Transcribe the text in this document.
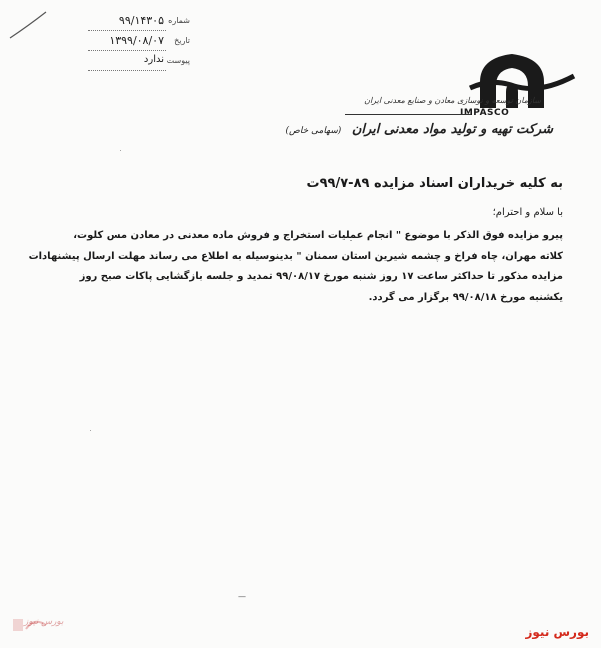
شماره
۹۹/۱۴۳۰۵
تاریخ
۱۳۹۹/۰۸/۰۷
پیوست
ندارد
IMPASCO
سازمان توسعه و نوسازی معادن و صنایع معدنی ایران
شرکت تهیه و تولید مواد معدنی ایران (سهامی خاص)
به کلیه خریداران اسناد مزایده ۸۹-۹۹/۷ت
با سلام و احترام؛
پیرو مزایده فوق الذکر با موضوع " انجام عملیات استخراج و فروش ماده معدنی در معادن مس کلوت،
کلاته مهران، چاه فراخ و چشمه شیرین استان سمنان " بدینوسیله به اطلاع می رساند مهلت ارسال پیشنهادات
مزایده مذکور تا حداکثر ساعت ۱۷ روز شنبه مورخ ۹۹/۰۸/۱۷ تمدید و جلسه بازگشایی پاکات صبح روز
یکشنبه مورخ ۹۹/۰۸/۱۸ برگزار می گردد.
—
بورس نیوز
بورس نیوز
